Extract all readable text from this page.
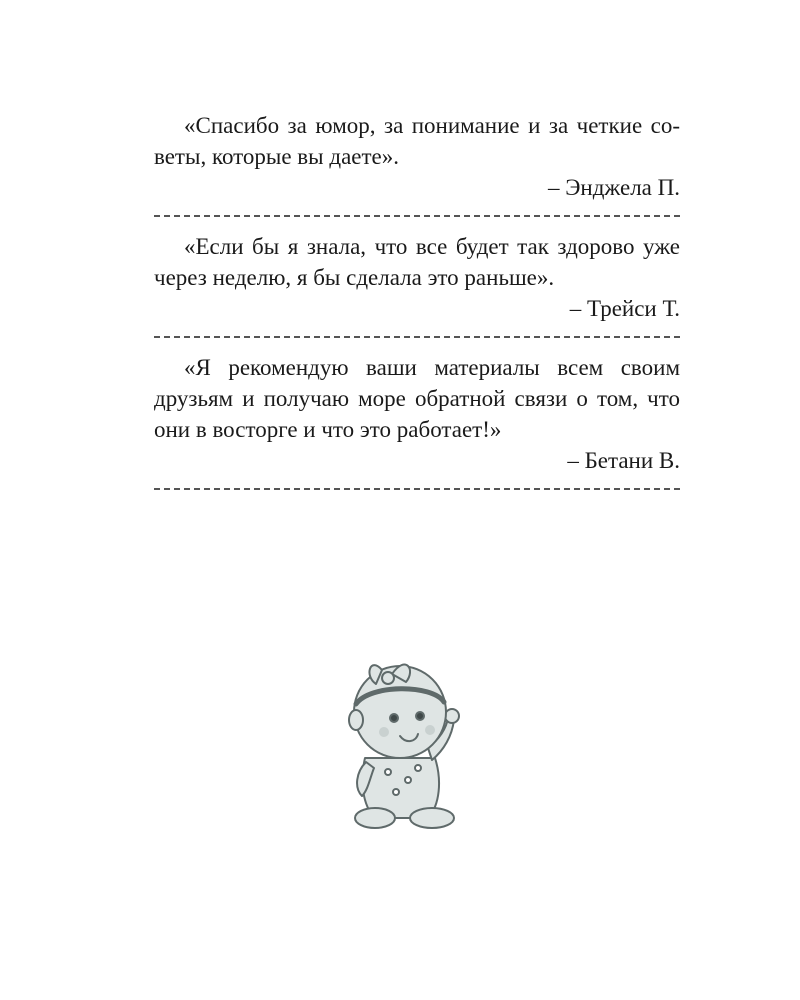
«Спасибо за юмор, за понимание и за четкие со-веты, которые вы даете».

– Энджела П.

«Если бы я знала, что все будет так здорово уже через неделю, я бы сделала это раньше».

– Трейси Т.

«Я рекомендую ваши материалы всем своим друзьям и получаю море обратной связи о том, что они в восторге и что это работает!»

– Бетани В.
